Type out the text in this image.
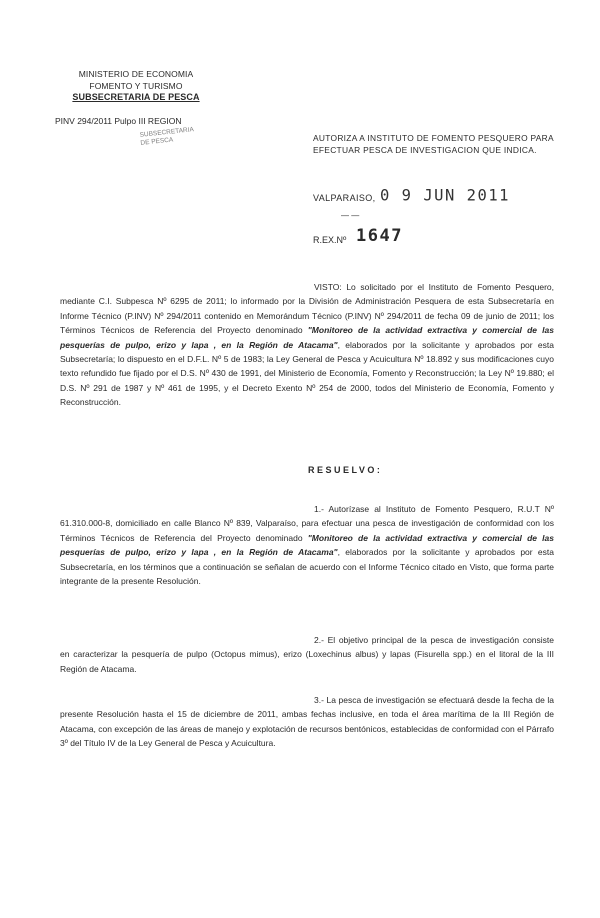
MINISTERIO DE ECONOMIA
FOMENTO Y TURISMO
SUBSECRETARIA DE PESCA
PINV 294/2011 Pulpo III REGION
SUBSECRETARIA
DE PESCA	AUTORIZA A INSTITUTO DE FOMENTO PESQUERO PARA EFECTUAR PESCA DE INVESTIGACION QUE INDICA.
VALPARAISO, 0 9 JUN 2011
— —
R.EX.Nº 1647
VISTO: Lo solicitado por el Instituto de Fomento Pesquero, mediante C.I. Subpesca Nº 6295 de 2011; lo informado por la División de Administración Pesquera de esta Subsecretaría en Informe Técnico (P.INV) Nº 294/2011 contenido en Memorándum Técnico (P.INV) Nº 294/2011 de fecha 09 de junio de 2011; los Términos Técnicos de Referencia del Proyecto denominado "Monitoreo de la actividad extractiva y comercial de las pesquerías de pulpo, erizo y lapa , en la Región de Atacama", elaborados por la solicitante y aprobados por esta Subsecretaría; lo dispuesto en el D.F.L. Nº 5 de 1983; la Ley General de Pesca y Acuicultura Nº 18.892 y sus modificaciones cuyo texto refundido fue fijado por el D.S. Nº 430 de 1991, del Ministerio de Economía, Fomento y Reconstrucción; la Ley Nº 19.880; el D.S. Nº 291 de 1987 y Nº 461 de 1995, y el Decreto Exento Nº 254 de 2000, todos del Ministerio de Economía, Fomento y Reconstrucción.
RESUELVO:
1.- Autorízase al Instituto de Fomento Pesquero, R.U.T Nº 61.310.000-8, domiciliado en calle Blanco Nº 839, Valparaíso, para efectuar una pesca de investigación de conformidad con los Términos Técnicos de Referencia del Proyecto denominado "Monitoreo de la actividad extractiva y comercial de las pesquerías de pulpo, erizo y lapa , en la Región de Atacama", elaborados por la solicitante y aprobados por esta Subsecretaría, en los términos que a continuación se señalan de acuerdo con el Informe Técnico citado en Visto, que forma parte integrante de la presente Resolución.
2.- El objetivo principal de la pesca de investigación consiste en caracterizar la pesquería de pulpo (Octopus mimus), erizo (Loxechinus albus) y lapas (Fisurella spp.) en el litoral de la III Región de Atacama.
3.- La pesca de investigación se efectuará desde la fecha de la presente Resolución hasta el 15 de diciembre de 2011, ambas fechas inclusive, en toda el área marítima de la III Región de Atacama, con excepción de las áreas de manejo y explotación de recursos bentónicos, establecidas de conformidad con el Párrafo 3º del Título IV de la Ley General de Pesca y Acuicultura.
